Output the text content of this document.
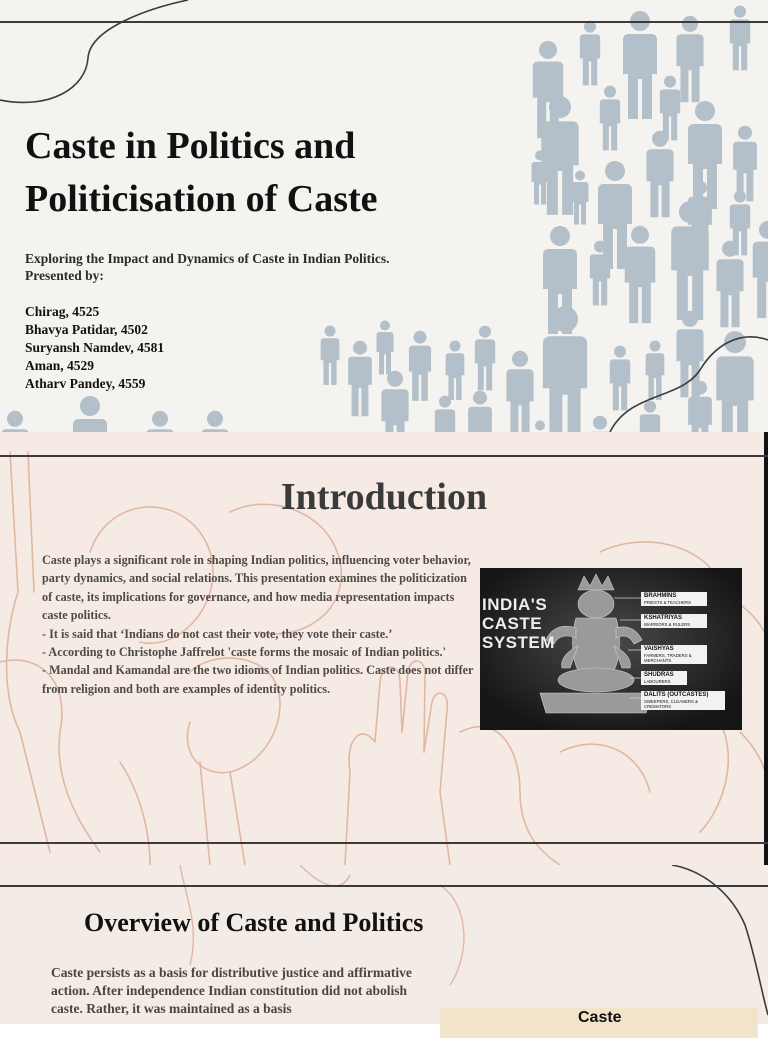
Caste in Politics and Politicisation of Caste
Exploring the Impact and Dynamics of Caste in Indian Politics. Presented by:
Chirag, 4525
Bhavya Patidar, 4502
Suryansh Namdev, 4581
Aman, 4529
Atharv Pandey, 4559
Introduction
Caste plays a significant role in shaping Indian politics, influencing voter behavior, party dynamics, and social relations. This presentation examines the politicization of caste, its implications for governance, and how media representation impacts caste politics.
- It is said that ‘Indians do not cast their vote, they vote their caste.’
- According to Christophe Jaffrelot 'caste forms the mosaic of Indian politics.'
- Mandal and Kamandal are the two idioms of Indian politics. Caste does not differ from religion and both are examples of identity politics.
INDIA'S
CASTE
SYSTEM
BRAHMINS
PRIESTS & TEACHERS
KSHATRIYAS
WARRIORS & RULERS
VAISHYAS
FARMERS, TRADERS & MERCHANTS
SHUDRAS
LABOURERS
DALITS (OUTCASTES)
SWEEPERS, CLEANERS & CREMATORS
Overview of Caste and Politics
Caste persists as a basis for distributive justice and affirmative action. After independence Indian constitution did not abolish caste. Rather, it was maintained as a basis
Caste
